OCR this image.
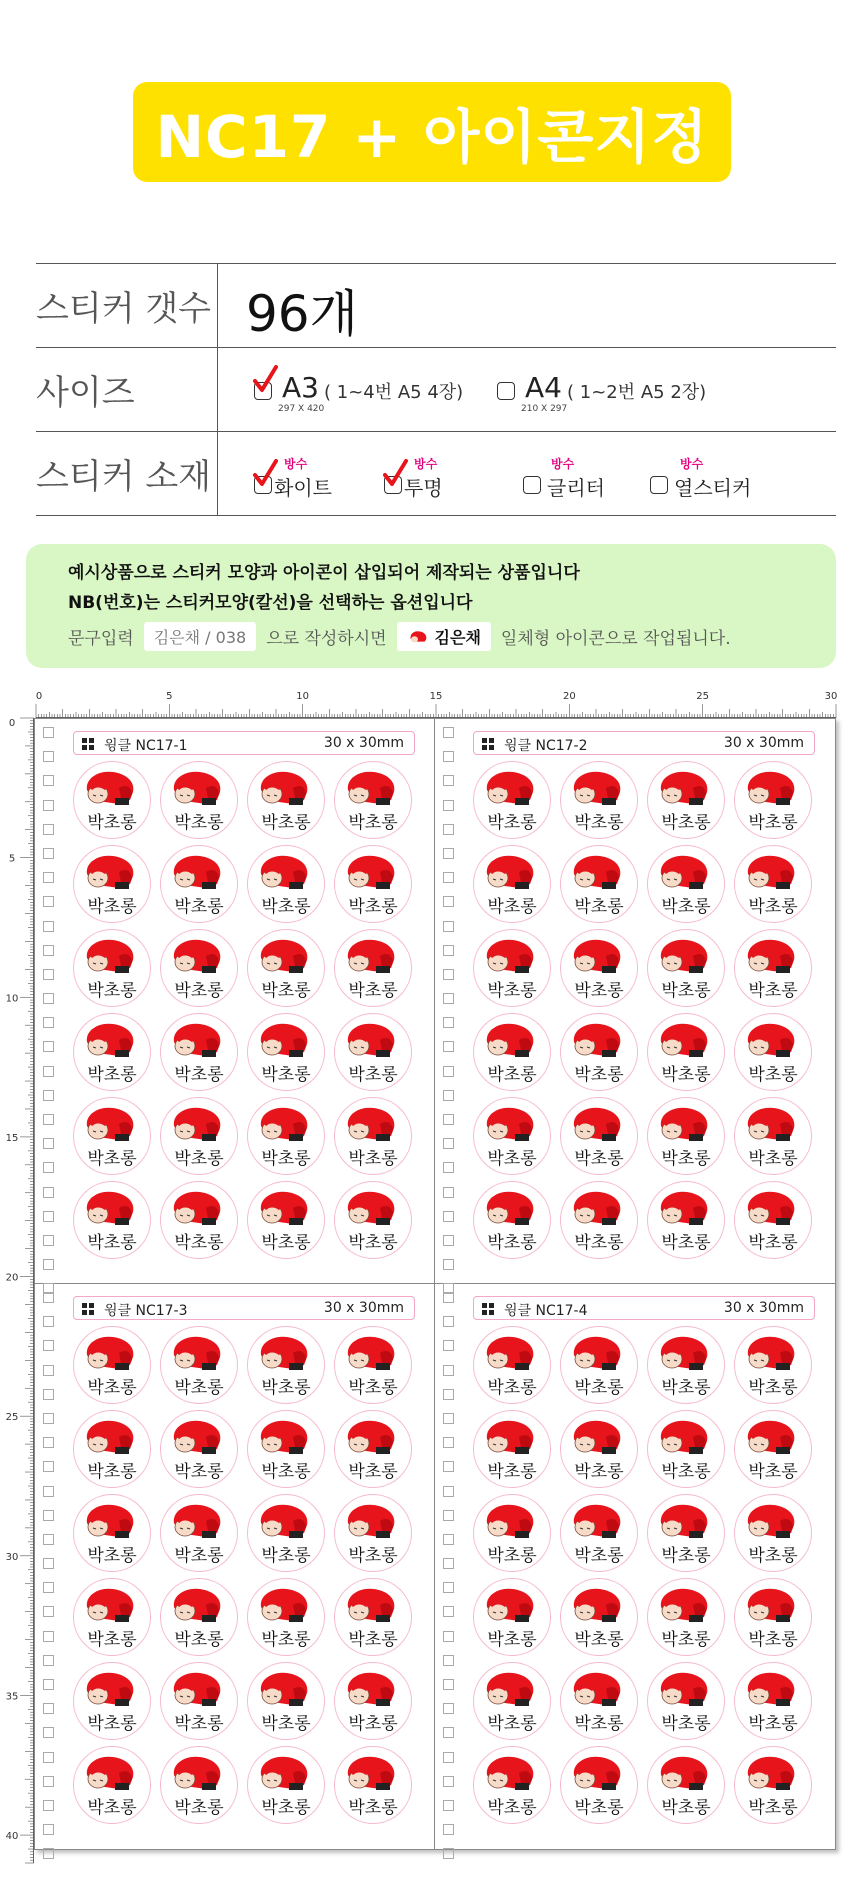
NC17 + 아이콘지정
스티커 갯수 96개
사이즈	A3 ( 1~4번 A5 4장)
297 X 420
A4 ( 1~2번 A5 2장)
210 X 297
스티커 소재	방수
화이트
방수
투명
방수
글리터
방수
열스티커
예시상품으로 스티커 모양과 아이콘이 삽입되어 제작되는 상품입니다
NB(번호)는 스티커모양(칼선)을 선택하는 옵션입니다
문구입력	김은채 / 038	으로 작성하시면	김은채 일체형 아이콘으로 작업됩니다.
0	5	10	15	20	25	30
0
5
10
15
20
25
30
35
40
윙클 NC17-1	30 x 30mm
박초롱	박초롱	박초롱	박초롱
박초롱	박초롱	박초롱	박초롱
박초롱	박초롱	박초롱	박초롱
박초롱	박초롱	박초롱	박초롱
박초롱	박초롱	박초롱	박초롱
박초롱	박초롱	박초롱	박초롱
윙클 NC17-2	30 x 30mm
박초롱	박초롱	박초롱	박초롱
박초롱	박초롱	박초롱	박초롱
박초롱	박초롱	박초롱	박초롱
박초롱	박초롱	박초롱	박초롱
박초롱	박초롱	박초롱	박초롱
박초롱	박초롱	박초롱	박초롱
윙클 NC17-3	30 x 30mm
박초롱	박초롱	박초롱	박초롱
박초롱	박초롱	박초롱	박초롱
박초롱	박초롱	박초롱	박초롱
박초롱	박초롱	박초롱	박초롱
박초롱	박초롱	박초롱	박초롱
박초롱	박초롱	박초롱	박초롱
윙클 NC17-4	30 x 30mm
박초롱	박초롱	박초롱	박초롱
박초롱	박초롱	박초롱	박초롱
박초롱	박초롱	박초롱	박초롱
박초롱	박초롱	박초롱	박초롱
박초롱	박초롱	박초롱	박초롱
박초롱	박초롱	박초롱	박초롱
